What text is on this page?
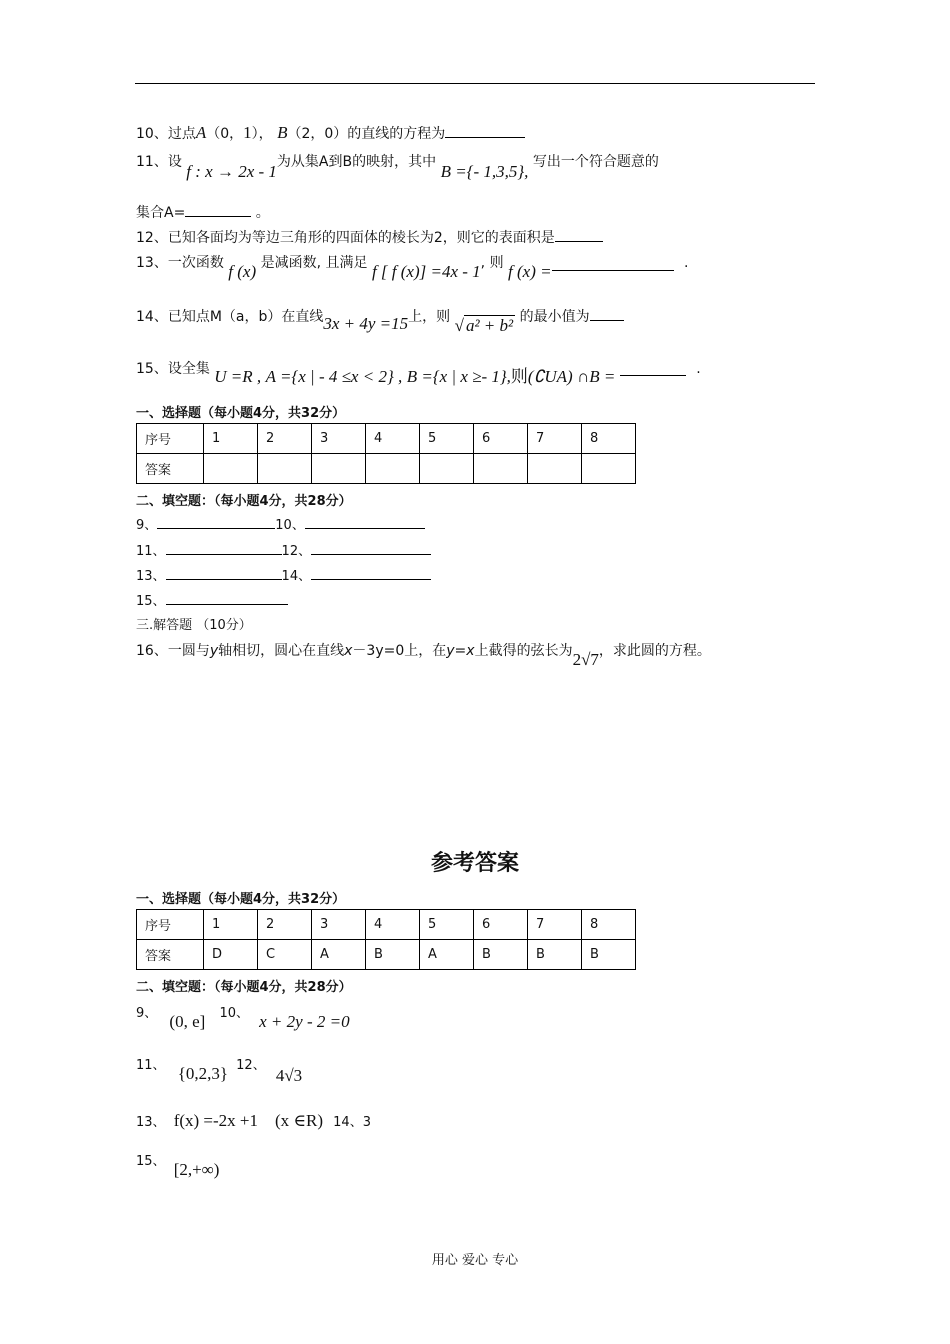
10、过点A（0，1）， B（2，0）的直线的方程为
11、设 f : x → 2x - 1为从集A到B的映射，其中 B ={- 1,3,5}, 写出一个符合题意的
集合A=	。
12、已知各面均为等边三角形的四面体的棱长为2，则它的表面积是
13、一次函数 f (x) 是减函数, 且满足 f [ f (x)] =4x - 1, 则 f (x) =	.
14、已知点M（a，b）在直线3x + 4y =15上，则 √ a² + b² 的最小值为
15、设全集 U =R , A ={x | - 4 ≤x < 2} , B ={x | x ≥- 1},则(∁UA) ∩B =	.
一、选择题（每小题4分，共32分）
序号	1	2	3	4	5	6	7	8
答案								
二、填空题：（每小题4分，共28分）
9、	10、
11、	12、
13、	14、
15、
三.解答题 （10分）
16、一圆与y轴相切，圆心在直线x－3y=0上，在y=x上截得的弦长为2√7，求此圆的方程。
参考答案
一、选择题（每小题4分，共32分）
序号	1	2	3	4	5	6	7	8
答案	D	C	A	B	A	B	B	B
二、填空题：（每小题4分，共28分）
9、 (0, e] 10、 x + 2y - 2 =0
11、 {0,2,3} 12、 4√3
13、 f(x) =-2x +1　(x ∈R) 14、3
15、 [2,+∞)
用心 爱心 专心
